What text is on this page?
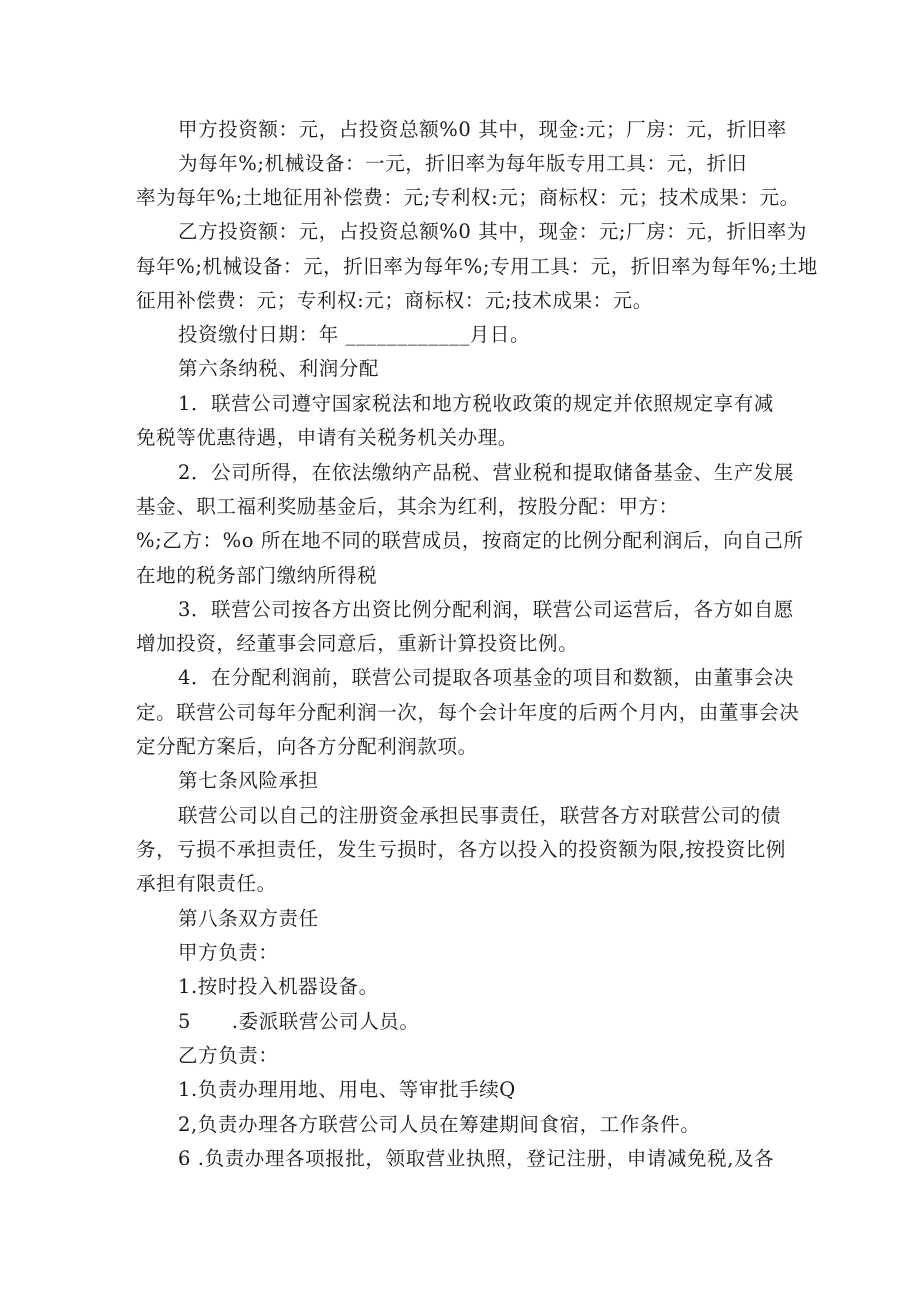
甲方投资额：元，占投资总额%0 其中，现金:元；厂房：元，折旧率
为每年%;机械设备：一元，折旧率为每年版专用工具：元，折旧
率为每年%;土地征用补偿费：元;专利权:元；商标权：元；技术成果：元。
乙方投资额：元，占投资总额%0 其中，现金：元;厂房：元，折旧率为
每年%;机械设备：元，折旧率为每年%;专用工具：元，折旧率为每年%;土地
征用补偿费：元；专利权:元；商标权：元;技术成果：元。
投资缴付日期：年 ____________月日。
第六条纳税、利润分配
1．联营公司遵守国家税法和地方税收政策的规定并依照规定享有减
免税等优惠待遇，申请有关税务机关办理。
2．公司所得，在依法缴纳产品税、营业税和提取储备基金、生产发展
基金、职工福利奖励基金后，其余为红利，按股分配：甲方：
%;乙方：%o 所在地不同的联营成员，按商定的比例分配利润后，向自己所
在地的税务部门缴纳所得税
3．联营公司按各方出资比例分配利润，联营公司运营后，各方如自愿
增加投资，经董事会同意后，重新计算投资比例。
4．在分配利润前，联营公司提取各项基金的项目和数额，由董事会决
定。联营公司每年分配利润一次，每个会计年度的后两个月内，由董事会决
定分配方案后，向各方分配利润款项。
第七条风险承担
联营公司以自己的注册资金承担民事责任，联营各方对联营公司的债
务，亏损不承担责任，发生亏损时，各方以投入的投资额为限,按投资比例
承担有限责任。
第八条双方责任
甲方负责：
1.按时投入机器设备。
5      .委派联营公司人员。
乙方负责：
1.负责办理用地、用电、等审批手续Q
2,负责办理各方联营公司人员在筹建期间食宿，工作条件。
6 .负责办理各项报批，领取营业执照，登记注册，申请减免税,及各
